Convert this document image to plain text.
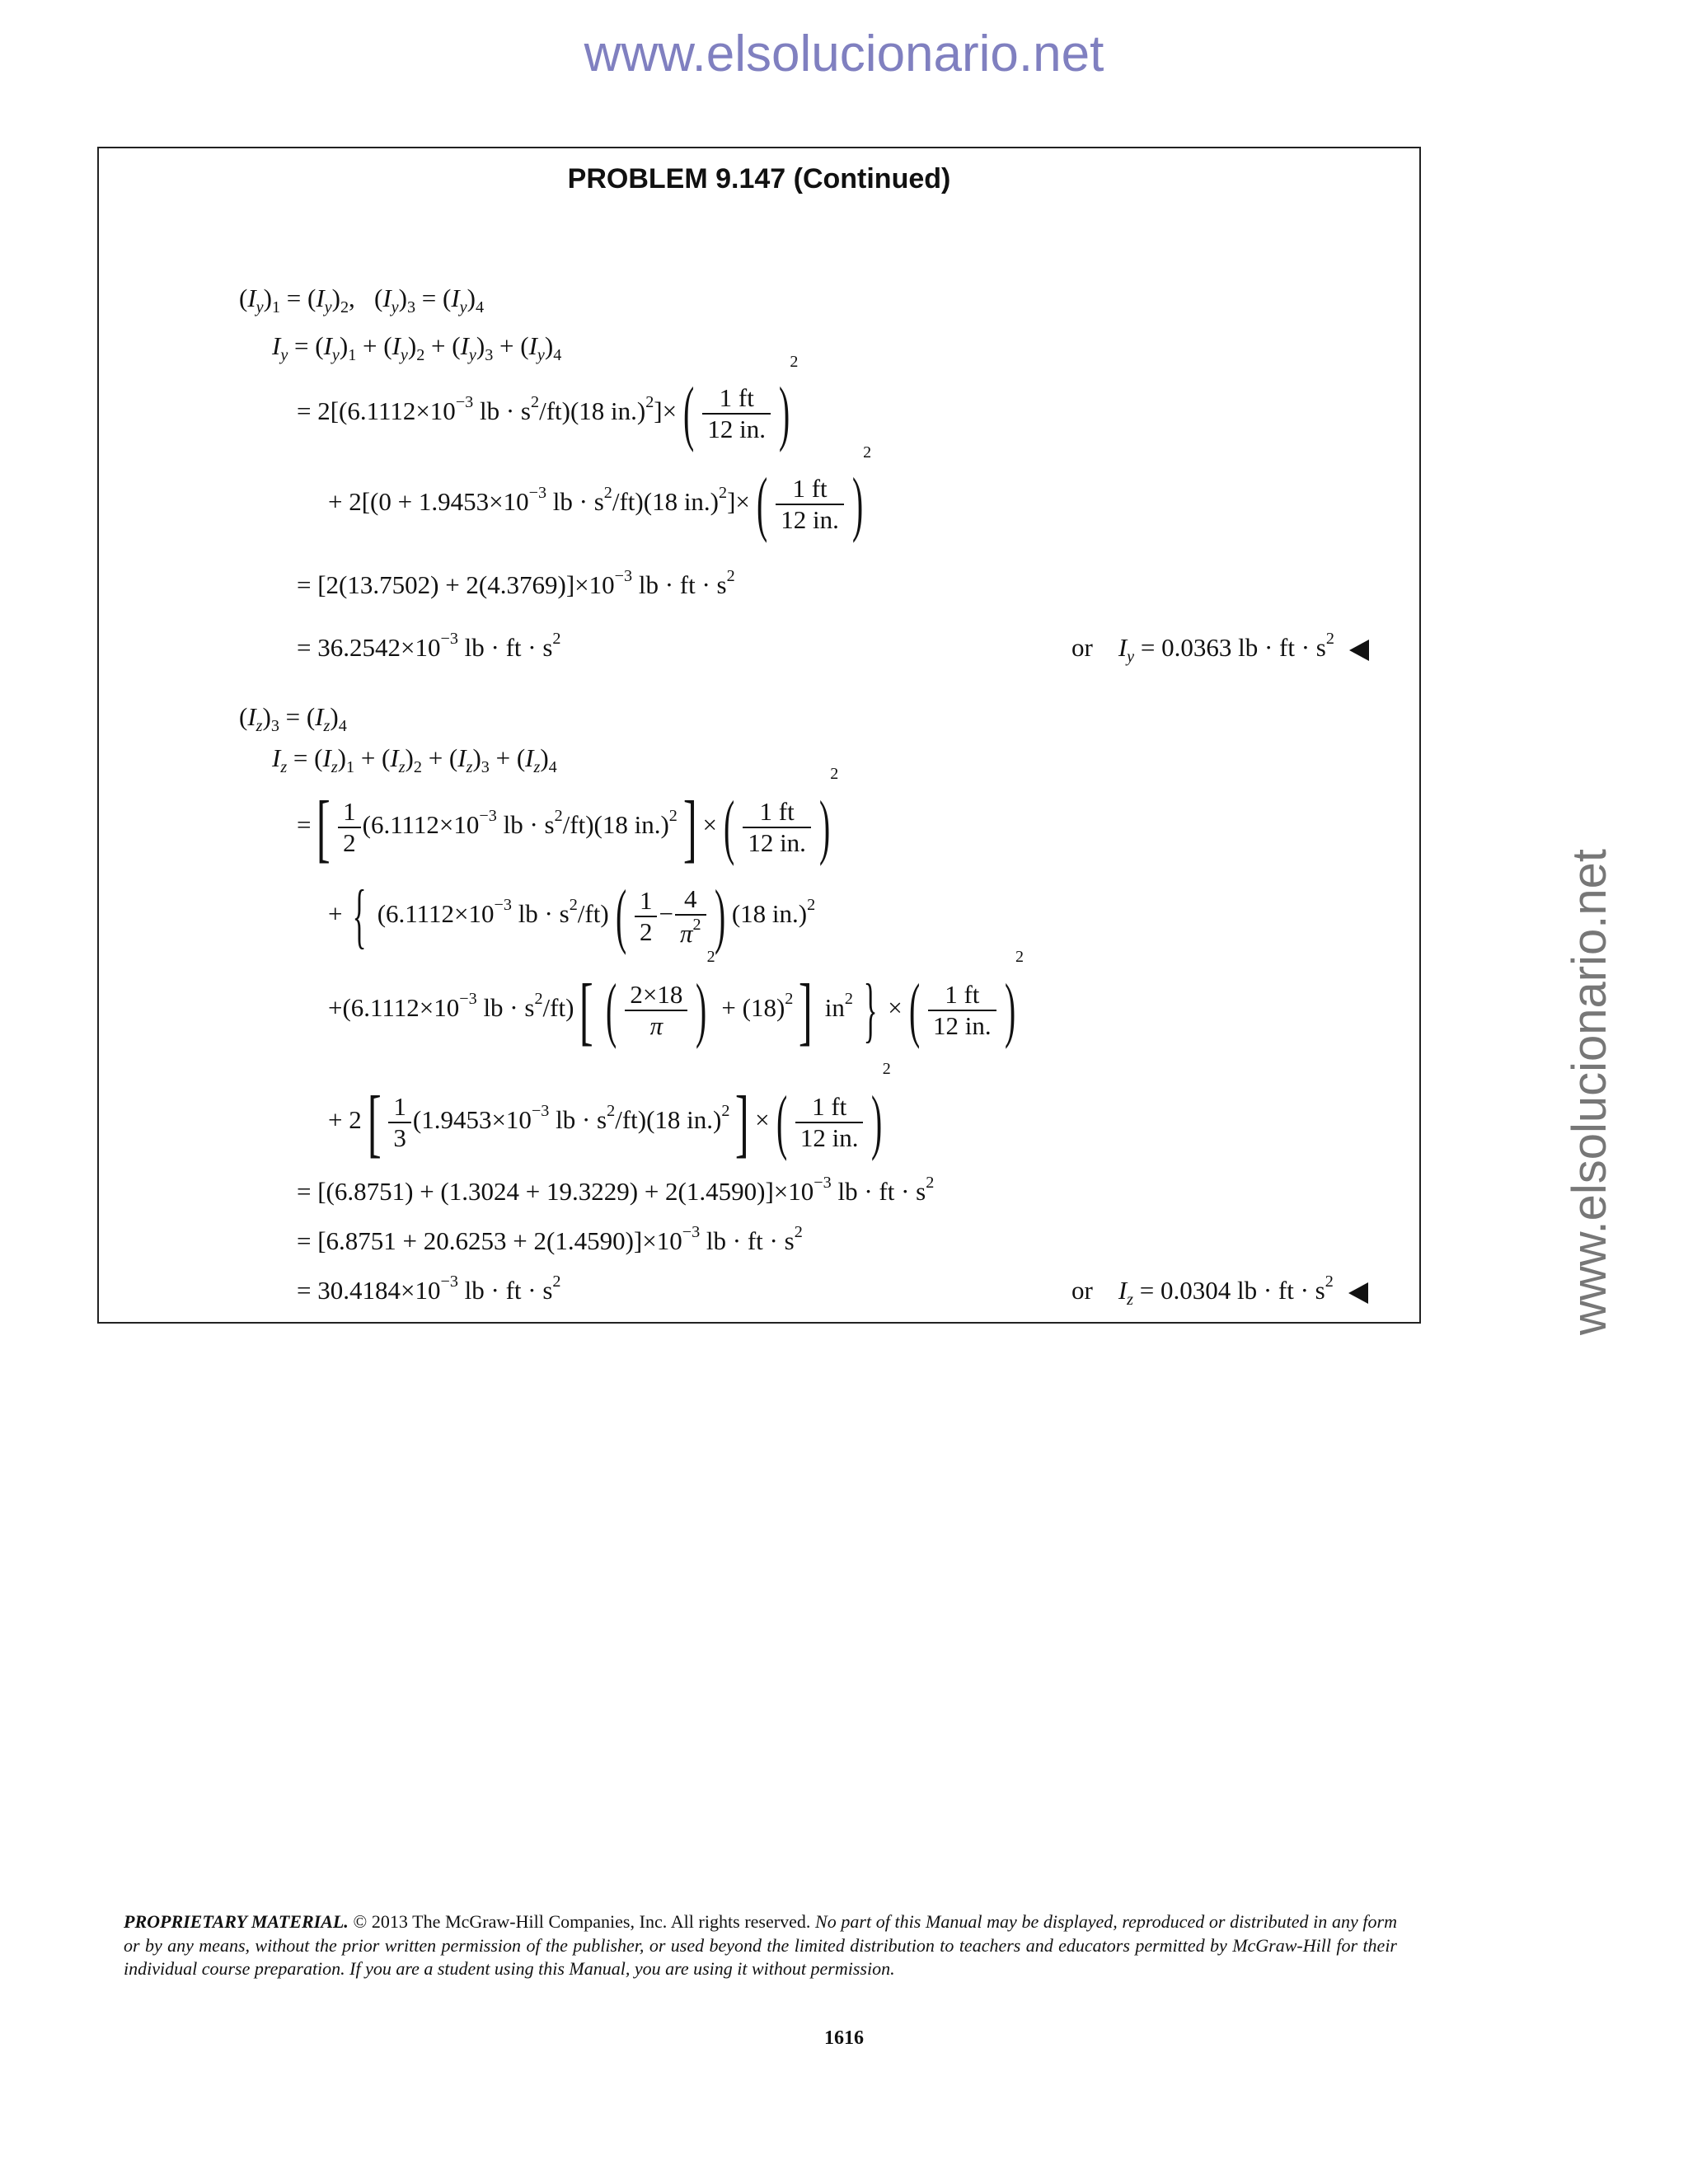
www.elsolucionario.net
www.elsolucionario.net
PROBLEM 9.147 (Continued)
$(I_y)_1 = (I_y)_2$,   $(I_y)_3 = (I_y)_4$
$I_y = (I_y)_1 + (I_y)_2 + (I_y)_3 + (I_y)_4$
= $2[(6.1112\times 10^{-3}$ lb · $s^2/ft)(18$ $in.)^2]\times( \frac{1 ft}{12 in.} )2$
+ $2[(0 + 1.9453\times 10^{-3}$ lb · $s^2/ft)(18$ $in.)^2]\times( \frac{1 ft}{12 in.} )2$
= $[2(13.7502) + 2(4.3769)]\times 10^{-3}$ lb · ft · $s^2$
= $36.2542\times 10^{-3}$ lb · ft · $s^2$	or $I_y = 0.0363$ lb · ft · $s^2$
$(I_z)_3 = (I_z)_4$
$I_z = (I_z)_1 + (I_z)_2 + (I_z)_3 + (I_z)_4$
=[ $\frac{1}{2} (6.1112\times 10^{-3}$ lb · $s^2/ft)(18$ in.)$^2$] ×( $\frac{1 ft}{12 in.} )2$
+ { ($6.1112\times 10^{-3}$ lb · $s^2/ft)( \frac{1}{2} - \frac{4}{\pi^2}$ ) (18 in.)$^2$
$+(6.1112\times 10^{-3}$ lb · $s^2/ft$)[ ( $\frac{2\times 18}{\pi} )2 + (18)^2$] $in^2$ } ×( $\frac{1 ft}{12 in.} )2$
+ $2[ \frac{1}{3} (1.9453\times 10^{-3}$ lb · $s^2/ft)(18$ in.)$^2$] ×( $\frac{1 ft}{12 in.} )2$
= $[(6.8751) + (1.3024 + 19.3229) + 2(1.4590)]\times 10^{-3}$ lb · ft · $s^2$
= $[6.8751 + 20.6253 + 2(1.4590)]\times 10^{-3}$ lb · ft · $s^2$
= $30.4184\times 10^{-3}$ lb · ft · $s^2$	or $I_z = 0.0304$ lb · ft · $s^2$
PROPRIETARY MATERIAL. © 2013 The McGraw-Hill Companies, Inc. All rights reserved. No part of this Manual may be displayed, reproduced or distributed in any form or by any means, without the prior written permission of the publisher, or used beyond the limited distribution to teachers and educators permitted by McGraw-Hill for their individual course preparation. If you are a student using this Manual, you are using it without permission.
1616
